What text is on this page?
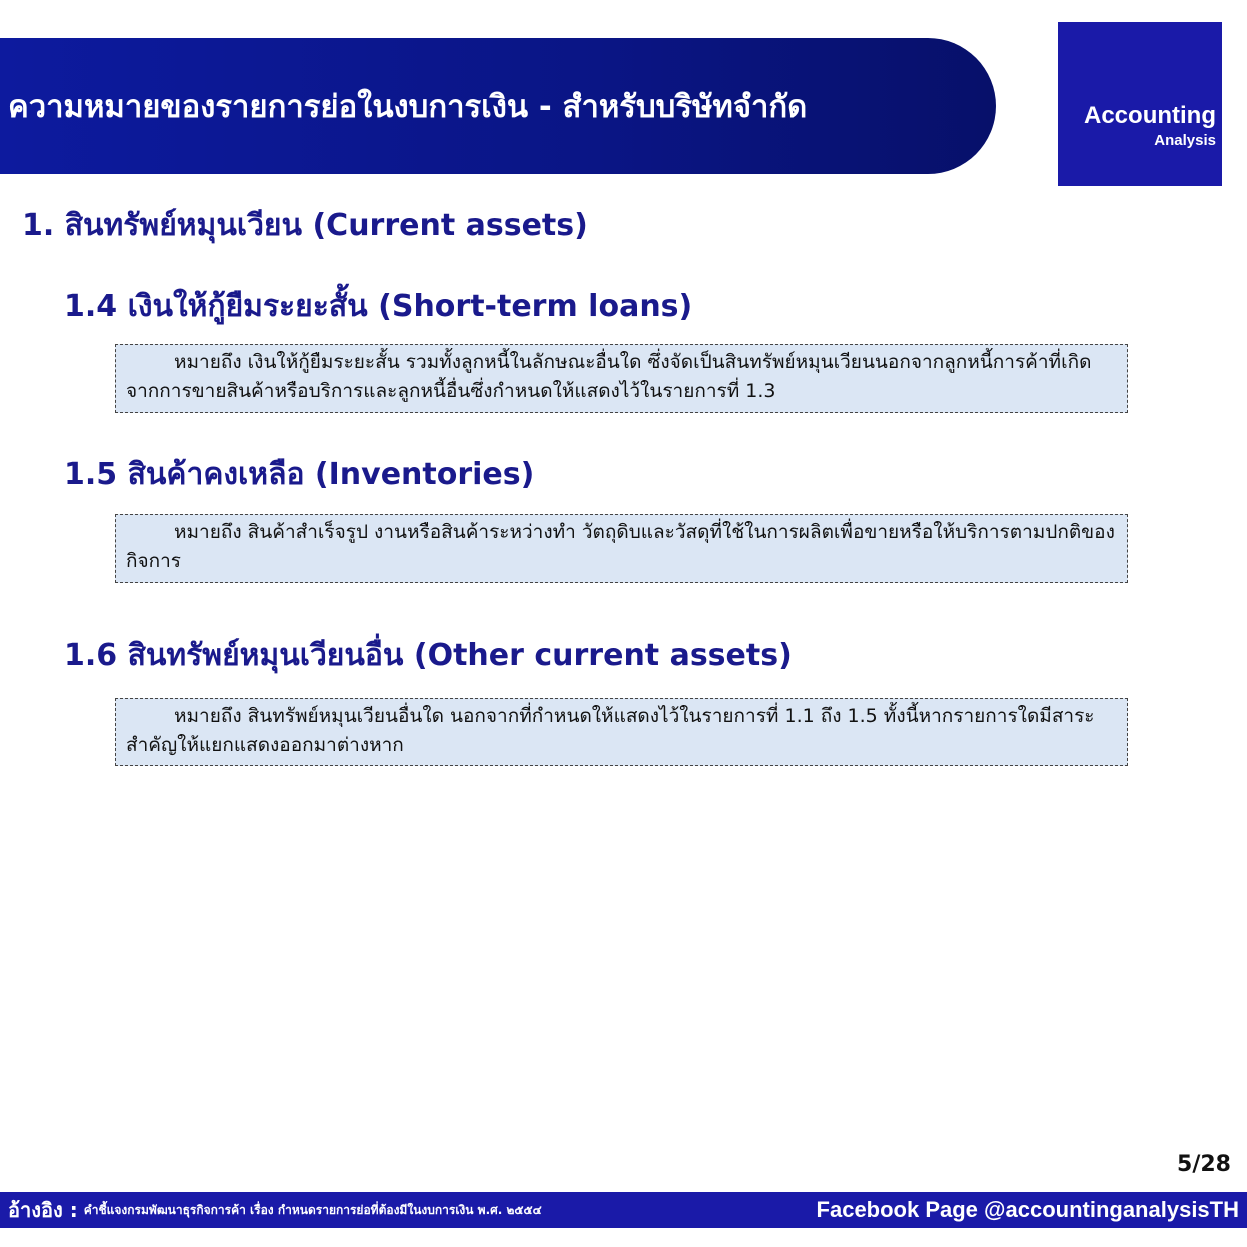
ความหมายของรายการย่อในงบการเงิน - สำหรับบริษัทจำกัด	Accounting
Analysis
1. สินทรัพย์หมุนเวียน (Current assets)
1.4 เงินให้กู้ยืมระยะสั้น (Short-term loans)
หมายถึง เงินให้กู้ยืมระยะสั้น รวมทั้งลูกหนี้ในลักษณะอื่นใด ซึ่งจัดเป็นสินทรัพย์หมุนเวียนนอกจากลูกหนี้การค้าที่เกิดจากการขายสินค้าหรือบริการและลูกหนี้อื่นซึ่งกำหนดให้แสดงไว้ในรายการที่ 1.3
1.5 สินค้าคงเหลือ (Inventories)
หมายถึง สินค้าสำเร็จรูป งานหรือสินค้าระหว่างทำ วัตถุดิบและวัสดุที่ใช้ในการผลิตเพื่อขายหรือให้บริการตามปกติของกิจการ
1.6 สินทรัพย์หมุนเวียนอื่น (Other current assets)
หมายถึง สินทรัพย์หมุนเวียนอื่นใด นอกจากที่กำหนดให้แสดงไว้ในรายการที่ 1.1 ถึง 1.5 ทั้งนี้หากรายการใดมีสาระสำคัญให้แยกแสดงออกมาต่างหาก
5/28
อ้างอิง : คำชี้แจงกรมพัฒนาธุรกิจการค้า เรื่อง กำหนดรายการย่อที่ต้องมีในงบการเงิน พ.ศ. ๒๕๕๔	Facebook Page @accountinganalysisTH
